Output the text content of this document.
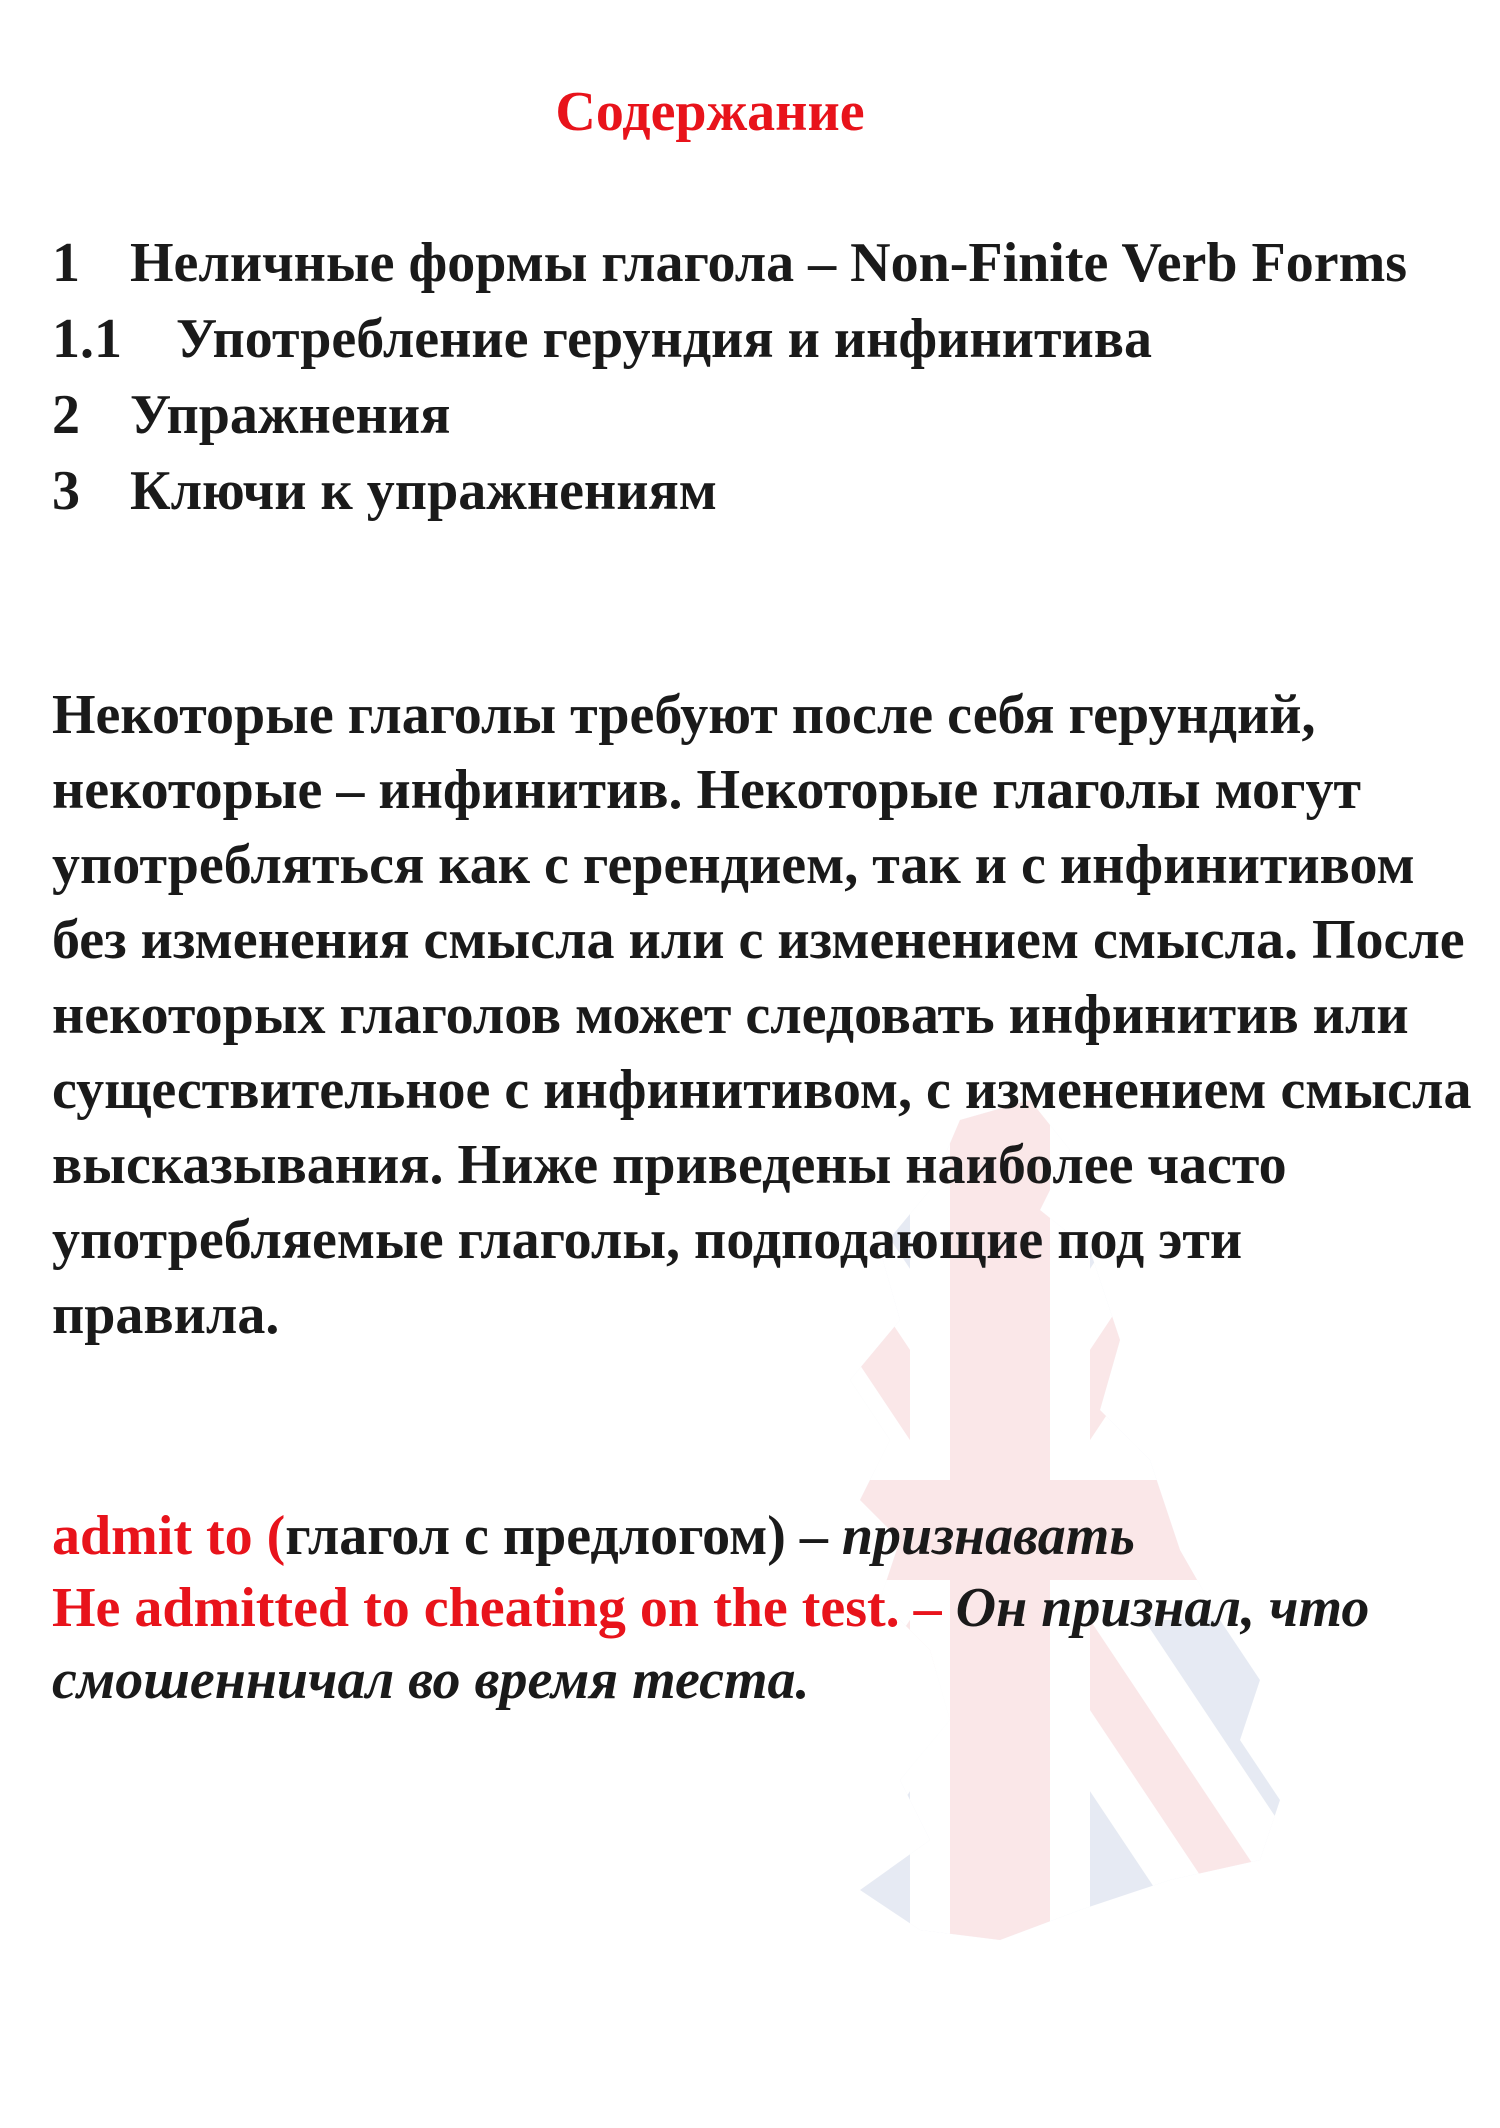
Содержание
1 Неличные формы глагола – Non-Finite Verb Forms
1.1 Употребление герундия и инфинитива
2 Упражнения
3 Ключи к упражнениям

Некоторые глаголы требуют после себя герундий, некоторые – инфинитив. Некоторые глаголы могут употребляться как с герендием, так и с инфинитивом без изменения смысла или с изменением смысла. После некоторых глаголов может следовать инфинитив или существительное с инфинитивом, с изменением смысла высказывания. Ниже приведены наиболее часто употребляемые глаголы, подподающие под эти правила.

admit to (глагол с предлогом) – признавать
He admitted to cheating on the test. – Он признал, что смошенничал во время теста.
